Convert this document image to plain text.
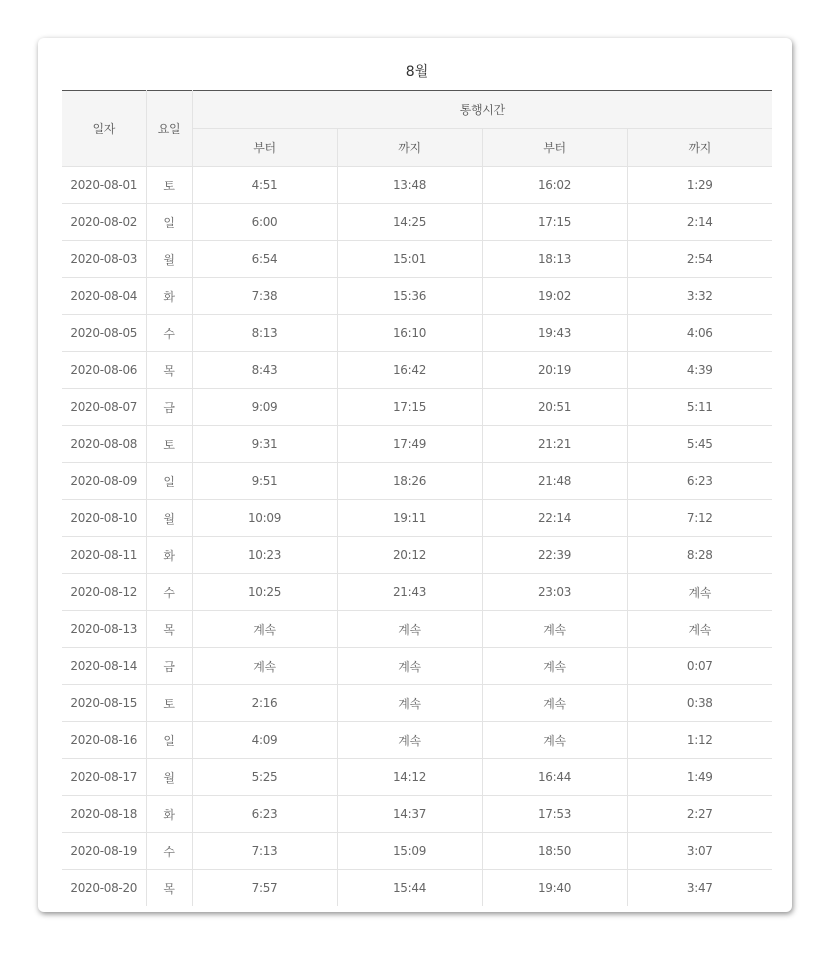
8월
일자	요일	통행시간			
		부터	까지	부터	까지
2020-08-01	토	4:51	13:48	16:02	1:29
2020-08-02	일	6:00	14:25	17:15	2:14
2020-08-03	월	6:54	15:01	18:13	2:54
2020-08-04	화	7:38	15:36	19:02	3:32
2020-08-05	수	8:13	16:10	19:43	4:06
2020-08-06	목	8:43	16:42	20:19	4:39
2020-08-07	금	9:09	17:15	20:51	5:11
2020-08-08	토	9:31	17:49	21:21	5:45
2020-08-09	일	9:51	18:26	21:48	6:23
2020-08-10	월	10:09	19:11	22:14	7:12
2020-08-11	화	10:23	20:12	22:39	8:28
2020-08-12	수	10:25	21:43	23:03	계속
2020-08-13	목	계속	계속	계속	계속
2020-08-14	금	계속	계속	계속	0:07
2020-08-15	토	2:16	계속	계속	0:38
2020-08-16	일	4:09	계속	계속	1:12
2020-08-17	월	5:25	14:12	16:44	1:49
2020-08-18	화	6:23	14:37	17:53	2:27
2020-08-19	수	7:13	15:09	18:50	3:07
2020-08-20	목	7:57	15:44	19:40	3:47
